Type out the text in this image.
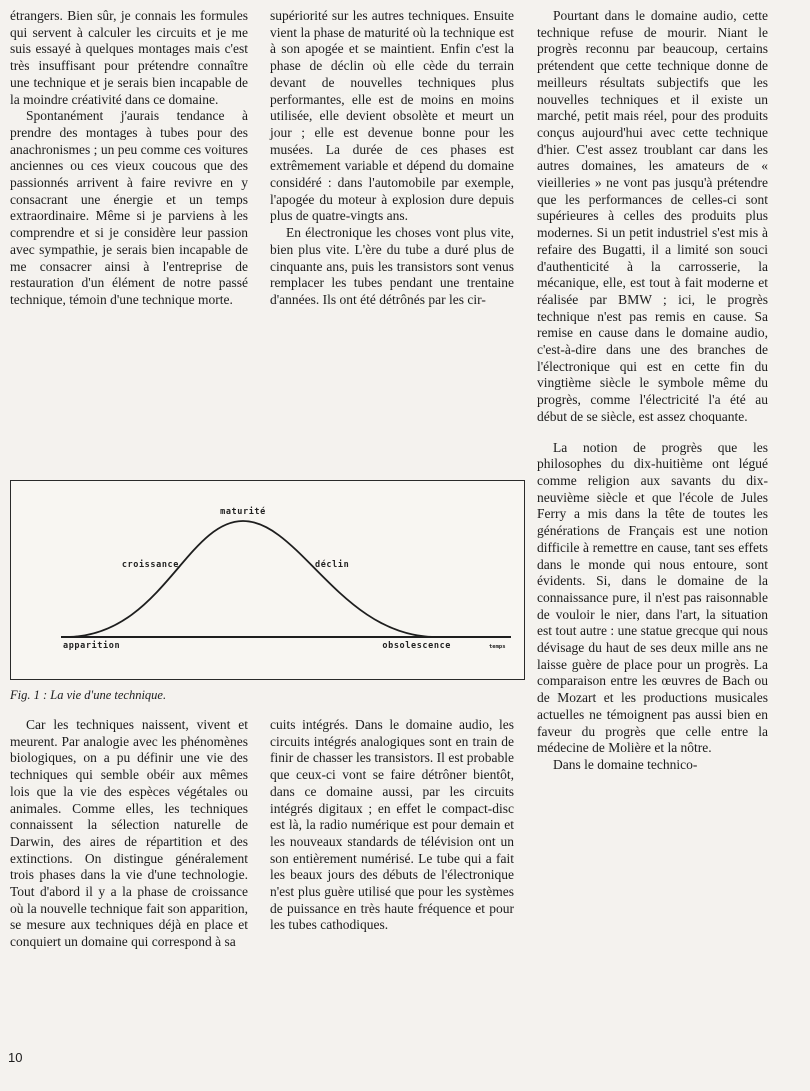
étrangers. Bien sûr, je connais les formules qui servent à calculer les circuits et je me suis essayé à quelques montages mais c'est très insuffisant pour prétendre connaître une technique et je serais bien incapable de la moindre créativité dans ce domaine.

Spontanément j'aurais tendance à prendre des montages à tubes pour des anachronismes ; un peu comme ces voitures anciennes ou ces vieux coucous que des passionnés arrivent à faire revivre en y consacrant une énergie et un temps extraordinaire. Même si je parviens à les comprendre et si je considère leur passion avec sympathie, je serais bien incapable de me consacrer ainsi à l'entreprise de restauration d'un élément de notre passé technique, témoin d'une technique morte.

supériorité sur les autres techniques. Ensuite vient la phase de maturité où la technique est à son apogée et se maintient. Enfin c'est la phase de déclin où elle cède du terrain devant de nouvelles techniques plus performantes, elle est de moins en moins utilisée, elle devient obsolète et meurt un jour ; elle est devenue bonne pour les musées. La durée de ces phases est extrêmement variable et dépend du domaine considéré : dans l'automobile par exemple, l'apogée du moteur à explosion dure depuis plus de quatre-vingts ans.

En électronique les choses vont plus vite, bien plus vite. L'ère du tube a duré plus de cinquante ans, puis les transistors sont venus remplacer les tubes pendant une trentaine d'années. Ils ont été détrônés par les cir-

Pourtant dans le domaine audio, cette technique refuse de mourir. Niant le progrès reconnu par beaucoup, certains prétendent que cette technique donne de meilleurs résultats subjectifs que les nouvelles techniques et il existe un marché, petit mais réel, pour des produits conçus aujourd'hui avec cette technique d'hier. C'est assez troublant car dans les autres domaines, les amateurs de « vieilleries » ne vont pas jusqu'à prétendre que les performances de celles-ci sont supérieures à celles des produits plus modernes. Si un petit industriel s'est mis à refaire des Bugatti, il a limité son souci d'authenticité à la carrosserie, la mécanique, elle, est tout à fait moderne et réalisée par BMW ; ici, le progrès technique n'est pas remis en cause. Sa remise en cause dans le domaine audio, c'est-à-dire dans une des branches de l'électronique qui est en cette fin du vingtième siècle le symbole même du progrès, comme l'électricité l'a été au début de se siècle, est assez choquante.

La notion de progrès que les philosophes du dix-huitième ont légué comme religion aux savants du dix-neuvième siècle et que l'école de Jules Ferry a mis dans la tête de toutes les générations de Français est une notion difficile à remettre en cause, tant ses effets dans le monde qui nous entoure, sont évidents. Si, dans le domaine de la connaissance pure, il n'est pas raisonnable de vouloir le nier, dans l'art, la situation est tout autre : une statue grecque qui nous dévisage du haut de ses deux mille ans ne laisse guère de place pour un progrès. La comparaison entre les œuvres de Bach ou de Mozart et les productions musicales actuelles ne témoignent pas aussi bien en faveur du progrès que celle entre la médecine de Molière et la nôtre.

Dans le domaine technico-

maturité
croissance	déclin
apparition	obsolescence	temps
Fig. 1 : La vie d'une technique.

Car les techniques naissent, vivent et meurent. Par analogie avec les phénomènes biologiques, on a pu définir une vie des techniques qui semble obéir aux mêmes lois que la vie des espèces végétales ou animales. Comme elles, les techniques connaissent la sélection naturelle de Darwin, des aires de répartition et des extinctions. On distingue généralement trois phases dans la vie d'une technologie. Tout d'abord il y a la phase de croissance où la nouvelle technique fait son apparition, se mesure aux techniques déjà en place et conquiert un domaine qui correspond à sa

cuits intégrés. Dans le domaine audio, les circuits intégrés analogiques sont en train de finir de chasser les transistors. Il est probable que ceux-ci vont se faire détrôner bientôt, dans ce domaine aussi, par les circuits intégrés digitaux ; en effet le compact-disc est là, la radio numérique est pour demain et les nouveaux standards de télévision ont un son entièrement numérisé. Le tube qui a fait les beaux jours des débuts de l'électronique n'est plus guère utilisé que pour les systèmes de puissance en très haute fréquence et pour les tubes cathodiques.

10
